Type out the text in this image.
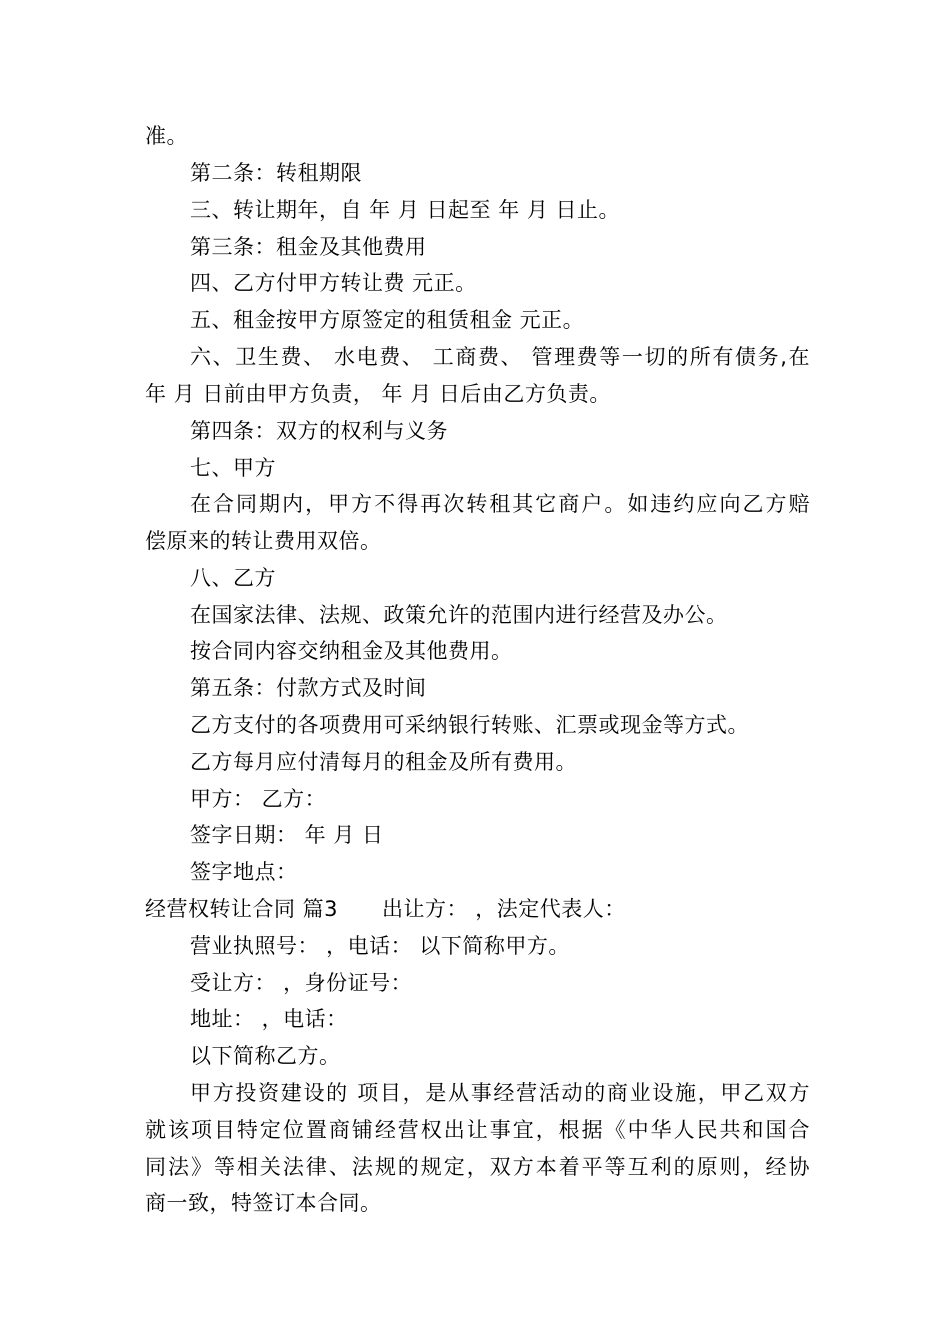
准。
第二条：转租期限
三、转让期年，自 年 月 日起至 年 月 日止。
第三条：租金及其他费用
四、乙方付甲方转让费 元正。
五、租金按甲方原签定的租赁租金 元正。
六、卫生费、 水电费、 工商费、 管理费等一切的所有债务,在
年 月 日前由甲方负责， 年 月 日后由乙方负责。
第四条：双方的权利与义务
七、甲方
在合同期内，甲方不得再次转租其它商户。如违约应向乙方赔
偿原来的转让费用双倍。
八、乙方
在国家法律、法规、政策允许的范围内进行经营及办公。
按合同内容交纳租金及其他费用。
第五条：付款方式及时间
乙方支付的各项费用可采纳银行转账、汇票或现金等方式。
乙方每月应付清每月的租金及所有费用。
甲方： 乙方：
签字日期： 年 月 日
签字地点：
经营权转让合同 篇3 出让方： ，法定代表人：
营业执照号： ，电话： 以下简称甲方。
受让方： ，身份证号：
地址： ，电话：
以下简称乙方。
甲方投资建设的 项目，是从事经营活动的商业设施，甲乙双方
就该项目特定位置商铺经营权出让事宜，根据《中华人民共和国合
同法》等相关法律、法规的规定，双方本着平等互利的原则，经协
商一致，特签订本合同。
